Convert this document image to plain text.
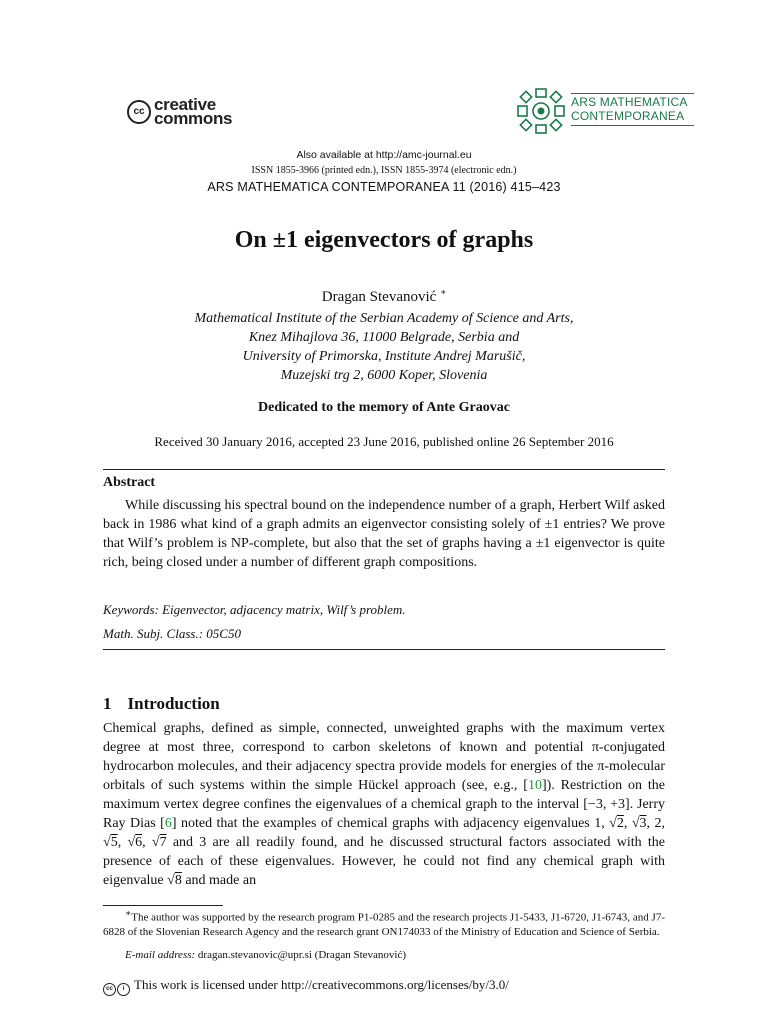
cc creative
commons
ARS MATHEMATICA
CONTEMPORANEA
Also available at http://amc-journal.eu
ISSN 1855-3966 (printed edn.), ISSN 1855-3974 (electronic edn.)
ARS MATHEMATICA CONTEMPORANEA 11 (2016) 415–423
On ±1 eigenvectors of graphs
Dragan Stevanović ∗
Mathematical Institute of the Serbian Academy of Science and Arts,
Knez Mihajlova 36, 11000 Belgrade, Serbia and
University of Primorska, Institute Andrej Marušič,
Muzejski trg 2, 6000 Koper, Slovenia
Dedicated to the memory of Ante Graovac
Received 30 January 2016, accepted 23 June 2016, published online 26 September 2016
Abstract
While discussing his spectral bound on the independence number of a graph, Herbert Wilf asked back in 1986 what kind of a graph admits an eigenvector consisting solely of ±1 entries? We prove that Wilf’s problem is NP-complete, but also that the set of graphs having a ±1 eigenvector is quite rich, being closed under a number of different graph compositions.
Keywords: Eigenvector, adjacency matrix, Wilf’s problem.
Math. Subj. Class.: 05C50
1 Introduction
Chemical graphs, defined as simple, connected, unweighted graphs with the maximum vertex degree at most three, correspond to carbon skeletons of known and potential π-conjugated hydrocarbon molecules, and their adjacency spectra provide models for energies of the π-molecular orbitals of such systems within the simple Hückel approach (see, e.g., [10]). Restriction on the maximum vertex degree confines the eigenvalues of a chemical graph to the interval [−3, +3]. Jerry Ray Dias [6] noted that the examples of chemical graphs with adjacency eigenvalues 1, √2, √3, 2, √5, √6, √7 and 3 are all readily found, and he discussed structural factors associated with the presence of each of these eigenvalues. However, he could not find any chemical graph with eigenvalue √8 and made an
∗The author was supported by the research program P1-0285 and the research projects J1-5433, J1-6720, J1-6743, and J7-6828 of the Slovenian Research Agency and the research grant ON174033 of the Ministry of Education and Science of Serbia.
E-mail address: dragan.stevanovic@upr.si (Dragan Stevanović)
cc i This work is licensed under http://creativecommons.org/licenses/by/3.0/
